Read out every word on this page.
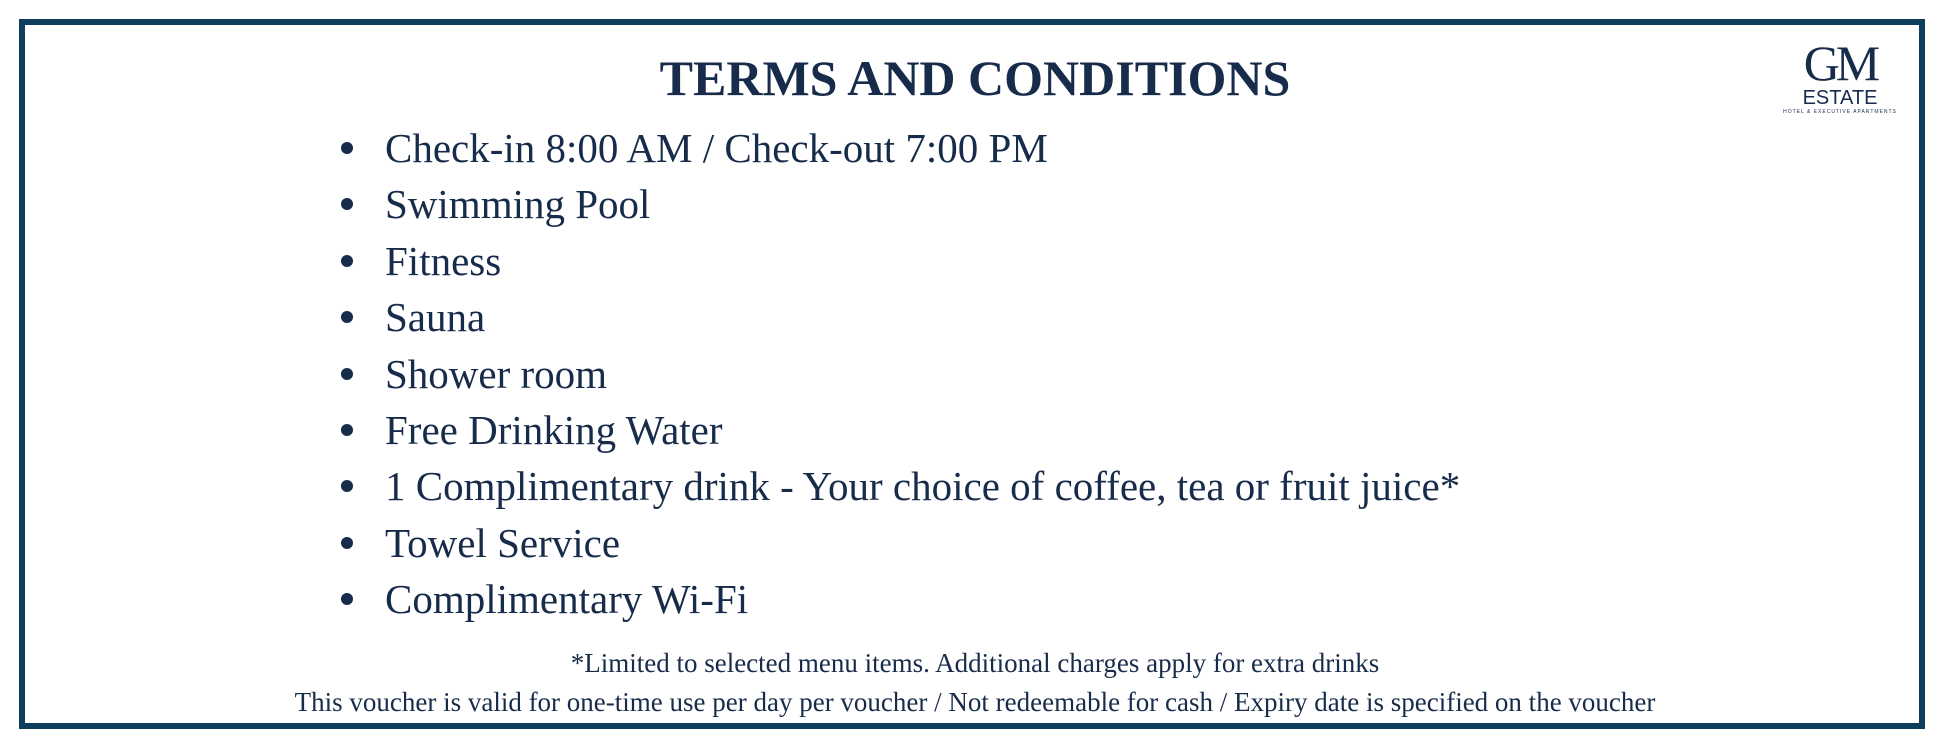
TERMS AND CONDITIONS	GM
ESTATE
HOTEL & EXECUTIVE APARTMENTS
Check-in 8:00 AM / Check-out 7:00 PM
Swimming Pool
Fitness
Sauna
Shower room
Free Drinking Water
1 Complimentary drink - Your choice of coffee, tea or fruit juice*
Towel Service
Complimentary Wi-Fi

*Limited to selected menu items. Additional charges apply for extra drinks

This voucher is valid for one-time use per day per voucher / Not redeemable for cash / Expiry date is specified on the voucher
